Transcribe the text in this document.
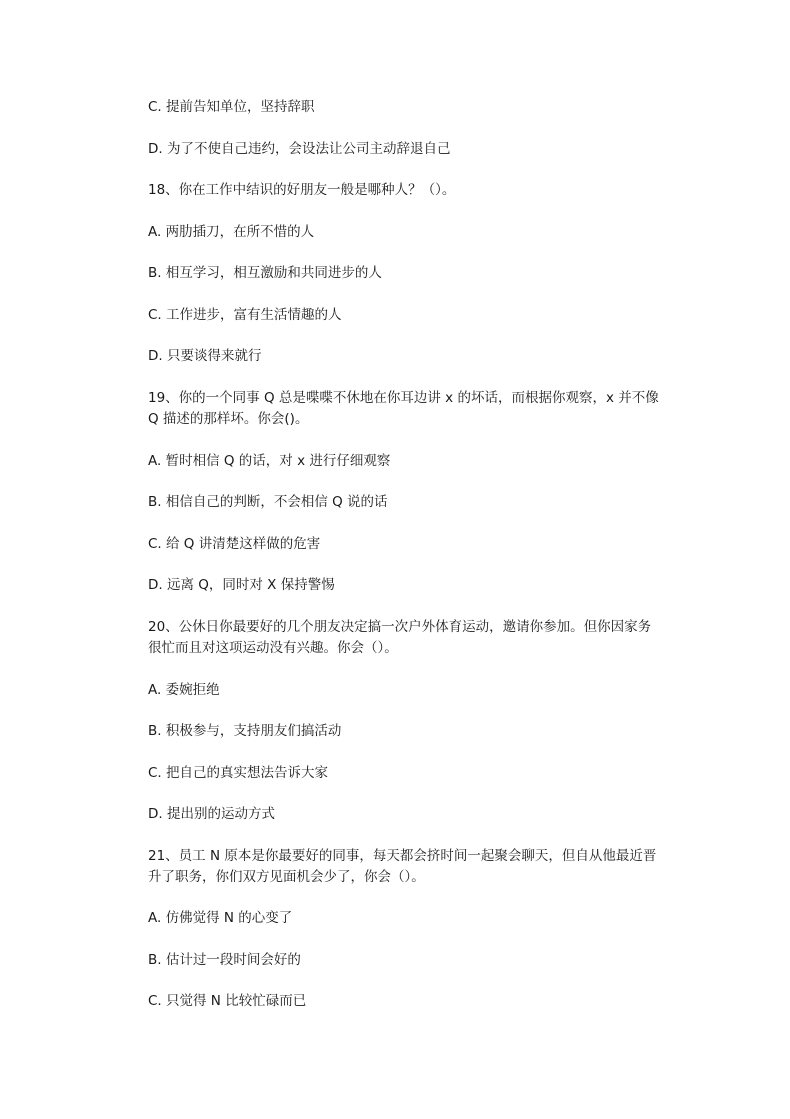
C. 提前告知单位，坚持辞职
D. 为了不使自己违约，会设法让公司主动辞退自己
18、你在工作中结识的好朋友一般是哪种人？（）。
A. 两肋插刀，在所不惜的人
B. 相互学习，相互激励和共同进步的人
C. 工作进步，富有生活情趣的人
D. 只要谈得来就行
19、你的一个同事 Q 总是喋喋不休地在你耳边讲 x 的坏话，而根据你观察，x 并不像
Q 描述的那样坏。你会()。
A. 暂时相信 Q 的话，对 x 进行仔细观察
B. 相信自己的判断，不会相信 Q 说的话
C. 给 Q 讲清楚这样做的危害
D. 远离 Q，同时对 X 保持警惕
20、公休日你最要好的几个朋友决定搞一次户外体育运动，邀请你参加。但你因家务
很忙而且对这项运动没有兴趣。你会（）。
A. 委婉拒绝
B. 积极参与，支持朋友们搞活动
C. 把自己的真实想法告诉大家
D. 提出别的运动方式
21、员工 N 原本是你最要好的同事，每天都会挤时间一起聚会聊天，但自从他最近晋
升了职务，你们双方见面机会少了，你会（）。
A. 仿佛觉得 N 的心变了
B. 估计过一段时间会好的
C. 只觉得 N 比较忙碌而已
